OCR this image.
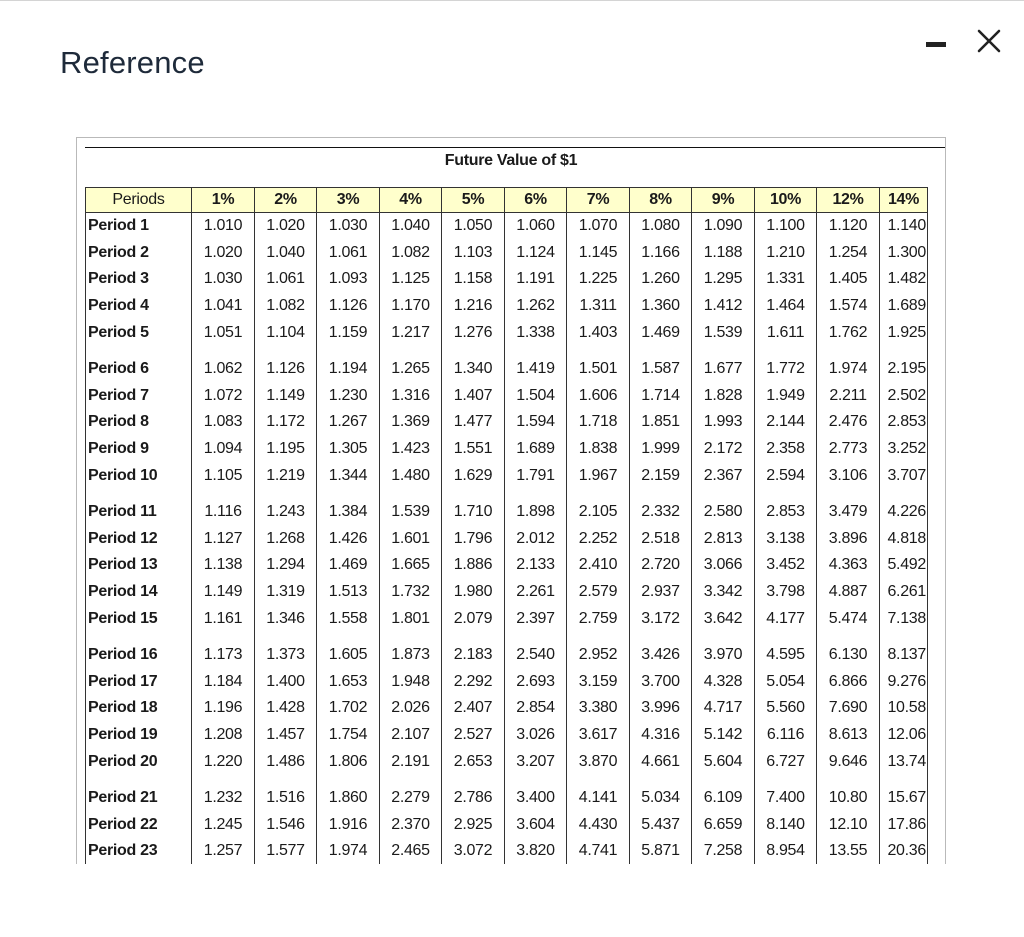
Reference
Future Value of $1
Periods	1%	2%	3%	4%	5%	6%	7%	8%	9%	10%	12%	14%
Period 1	1.010	1.020	1.030	1.040	1.050	1.060	1.070	1.080	1.090	1.100	1.120	1.140
Period 2	1.020	1.040	1.061	1.082	1.103	1.124	1.145	1.166	1.188	1.210	1.254	1.300
Period 3	1.030	1.061	1.093	1.125	1.158	1.191	1.225	1.260	1.295	1.331	1.405	1.482
Period 4	1.041	1.082	1.126	1.170	1.216	1.262	1.311	1.360	1.412	1.464	1.574	1.689
Period 5	1.051	1.104	1.159	1.217	1.276	1.338	1.403	1.469	1.539	1.611	1.762	1.925

Period 6	1.062	1.126	1.194	1.265	1.340	1.419	1.501	1.587	1.677	1.772	1.974	2.195
Period 7	1.072	1.149	1.230	1.316	1.407	1.504	1.606	1.714	1.828	1.949	2.211	2.502
Period 8	1.083	1.172	1.267	1.369	1.477	1.594	1.718	1.851	1.993	2.144	2.476	2.853
Period 9	1.094	1.195	1.305	1.423	1.551	1.689	1.838	1.999	2.172	2.358	2.773	3.252
Period 10	1.105	1.219	1.344	1.480	1.629	1.791	1.967	2.159	2.367	2.594	3.106	3.707

Period 11	1.116	1.243	1.384	1.539	1.710	1.898	2.105	2.332	2.580	2.853	3.479	4.226
Period 12	1.127	1.268	1.426	1.601	1.796	2.012	2.252	2.518	2.813	3.138	3.896	4.818
Period 13	1.138	1.294	1.469	1.665	1.886	2.133	2.410	2.720	3.066	3.452	4.363	5.492
Period 14	1.149	1.319	1.513	1.732	1.980	2.261	2.579	2.937	3.342	3.798	4.887	6.261
Period 15	1.161	1.346	1.558	1.801	2.079	2.397	2.759	3.172	3.642	4.177	5.474	7.138

Period 16	1.173	1.373	1.605	1.873	2.183	2.540	2.952	3.426	3.970	4.595	6.130	8.137
Period 17	1.184	1.400	1.653	1.948	2.292	2.693	3.159	3.700	4.328	5.054	6.866	9.276
Period 18	1.196	1.428	1.702	2.026	2.407	2.854	3.380	3.996	4.717	5.560	7.690	10.58
Period 19	1.208	1.457	1.754	2.107	2.527	3.026	3.617	4.316	5.142	6.116	8.613	12.06
Period 20	1.220	1.486	1.806	2.191	2.653	3.207	3.870	4.661	5.604	6.727	9.646	13.74

Period 21	1.232	1.516	1.860	2.279	2.786	3.400	4.141	5.034	6.109	7.400	10.80	15.67
Period 22	1.245	1.546	1.916	2.370	2.925	3.604	4.430	5.437	6.659	8.140	12.10	17.86
Period 23	1.257	1.577	1.974	2.465	3.072	3.820	4.741	5.871	7.258	8.954	13.55	20.36
